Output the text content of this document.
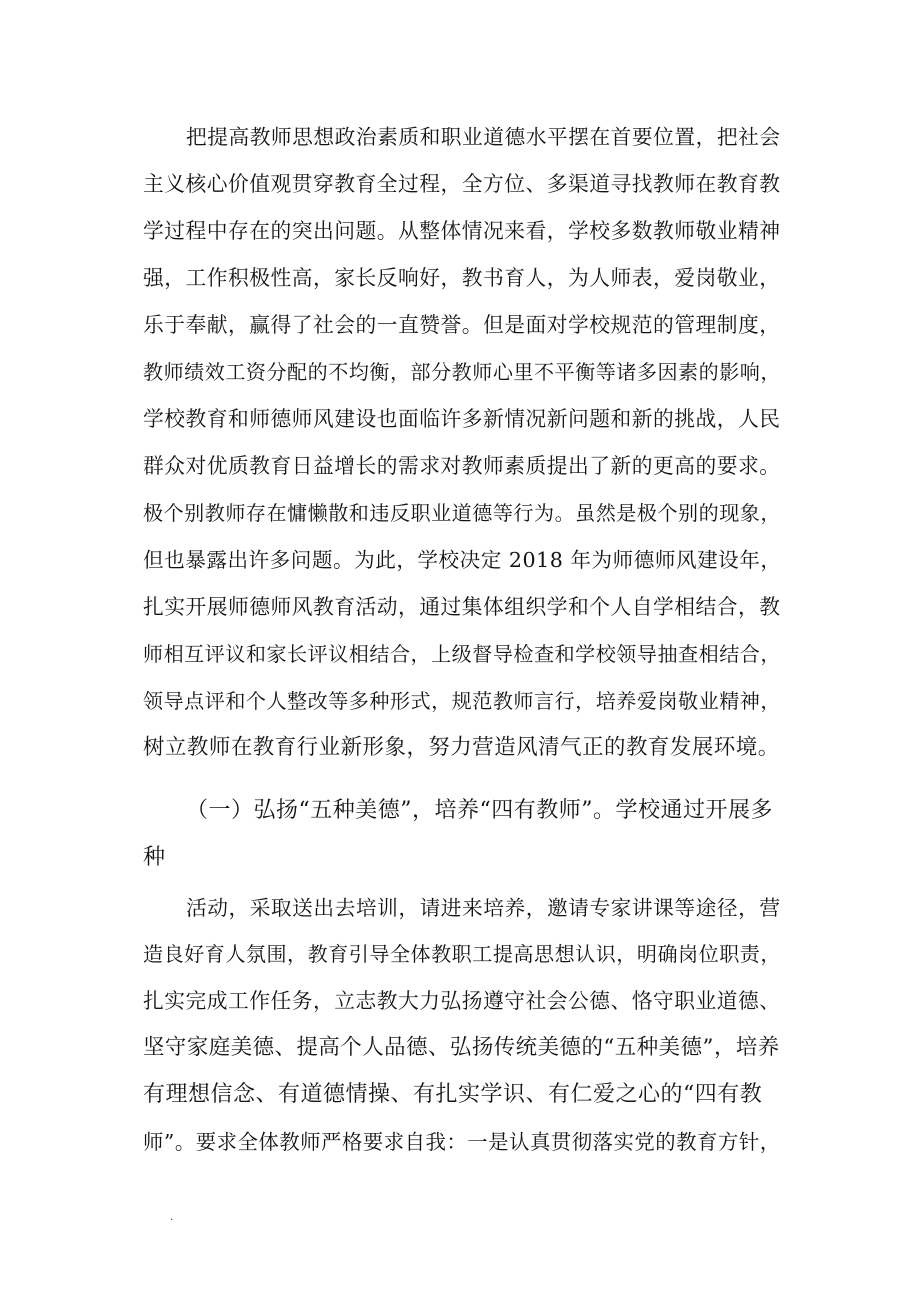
把提高教师思想政治素质和职业道德水平摆在首要位置，把社会
主义核心价值观贯穿教育全过程，全方位、多渠道寻找教师在教育教
学过程中存在的突出问题。从整体情况来看，学校多数教师敬业精神
强，工作积极性高，家长反响好，教书育人，为人师表，爱岗敬业，
乐于奉献，赢得了社会的一直赞誉。但是面对学校规范的管理制度，
教师绩效工资分配的不均衡，部分教师心里不平衡等诸多因素的影响，
学校教育和师德师风建设也面临许多新情况新问题和新的挑战，人民
群众对优质教育日益增长的需求对教师素质提出了新的更高的要求。
极个别教师存在慵懒散和违反职业道德等行为。虽然是极个别的现象，
但也暴露出许多问题。为此，学校决定 2018 年为师德师风建设年，
扎实开展师德师风教育活动，通过集体组织学和个人自学相结合，教
师相互评议和家长评议相结合，上级督导检查和学校领导抽查相结合，
领导点评和个人整改等多种形式，规范教师言行，培养爱岗敬业精神，
树立教师在教育行业新形象，努力营造风清气正的教育发展环境。
（一）弘扬“五种美德”，培养“四有教师”。学校通过开展多
种
活动，采取送出去培训，请进来培养，邀请专家讲课等途径，营
造良好育人氛围，教育引导全体教职工提高思想认识，明确岗位职责，
扎实完成工作任务，立志教大力弘扬遵守社会公德、恪守职业道德、
坚守家庭美德、提高个人品德、弘扬传统美德的“五种美德”，培养
有理想信念、有道德情操、有扎实学识、有仁爱之心的“四有教
师”。要求全体教师严格要求自我：一是认真贯彻落实党的教育方针，
.
